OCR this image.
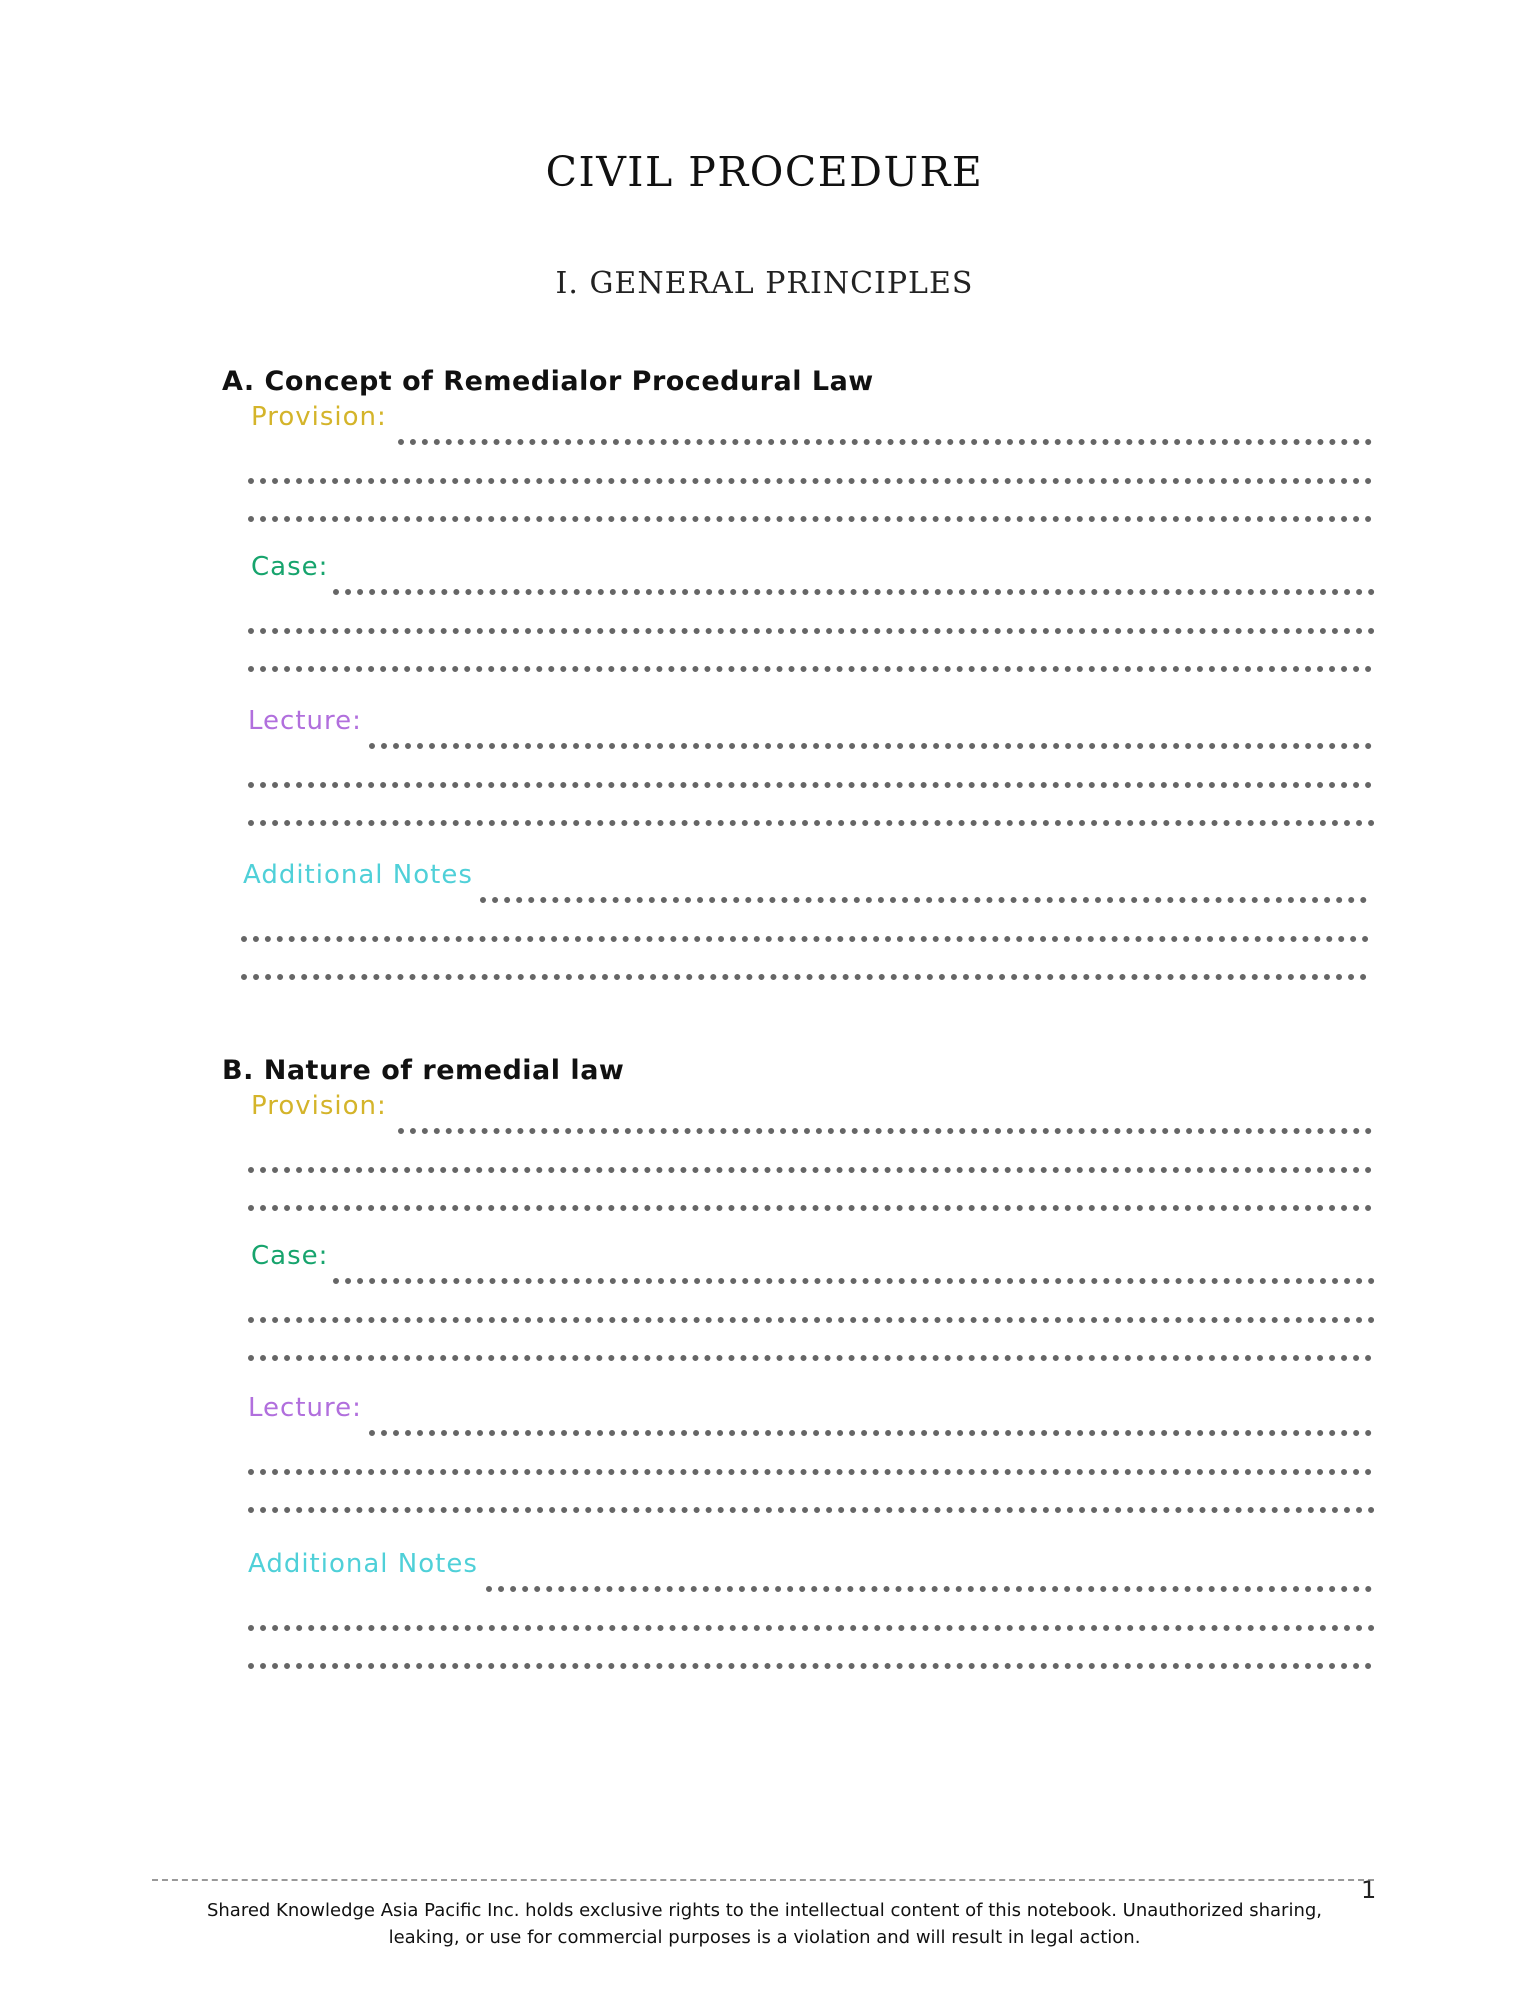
CIVIL PROCEDURE
I. GENERAL PRINCIPLES
A. Concept of Remedialor Procedural Law
Provision:
Case:
Lecture:
Additional Notes
B. Nature of remedial law
Provision:
Case:
Lecture:
Additional Notes
1
Shared Knowledge Asia Pacific Inc. holds exclusive rights to the intellectual content of this notebook. Unauthorized sharing, leaking, or use for commercial purposes is a violation and will result in legal action.
